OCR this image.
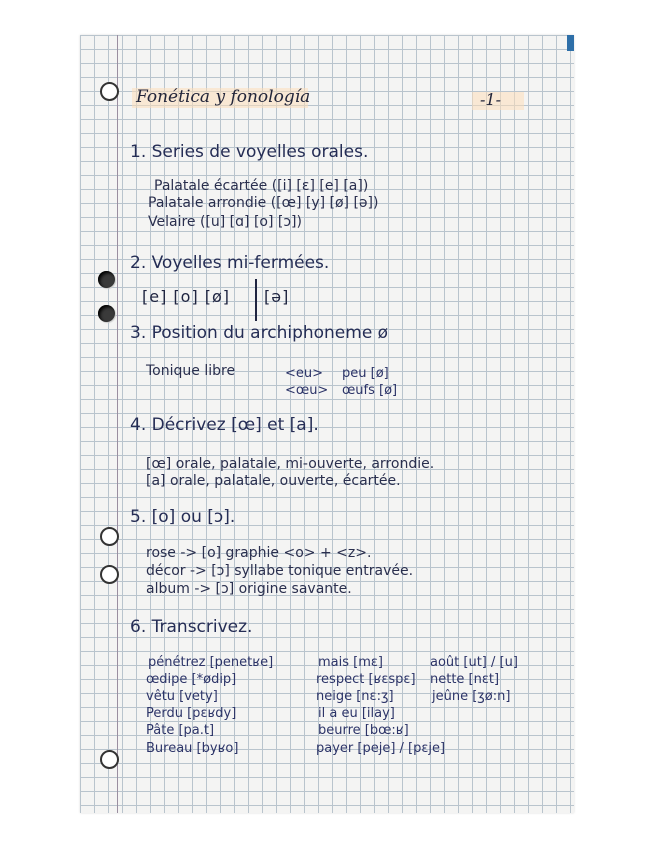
Fonética y fonología	-1-
1. Series de voyelles orales.
Palatale écartée ([i] [ɛ] [e] [a])
Palatale arrondie ([œ] [y] [ø] [ə])
Velaire ([u] [ɑ] [o] [ɔ])
2. Voyelles mi-fermées.
[e] [o] [ø] [ə]
3. Position du archiphoneme ø
Tonique libre	<eu> peu [ø]
<œu> œufs [ø]
4. Décrivez [œ] et [a].
[œ] orale, palatale, mi-ouverte, arrondie.
[a] orale, palatale, ouverte, écartée.
5. [o] ou [ɔ].
rose -> [o] graphie <o> + <z>.
décor -> [ɔ] syllabe tonique entravée.
album -> [ɔ] origine savante.
6. Transcrivez.
pénétrez [penetʁe]
œdipe [*ødip]
vêtu [vety]
Perdu [pɛʁdy]
Pâte [pa.t]
Bureau [byʁo]
mais [mɛ]
respect [ʁɛspɛ]
neige [nɛ:ʒ]
il a eu [ilay]
beurre [bœ:ʁ]
payer [peje] / [pɛje]
août [ut] / [u]
nette [nɛt]
jeûne [ʒø:n]
